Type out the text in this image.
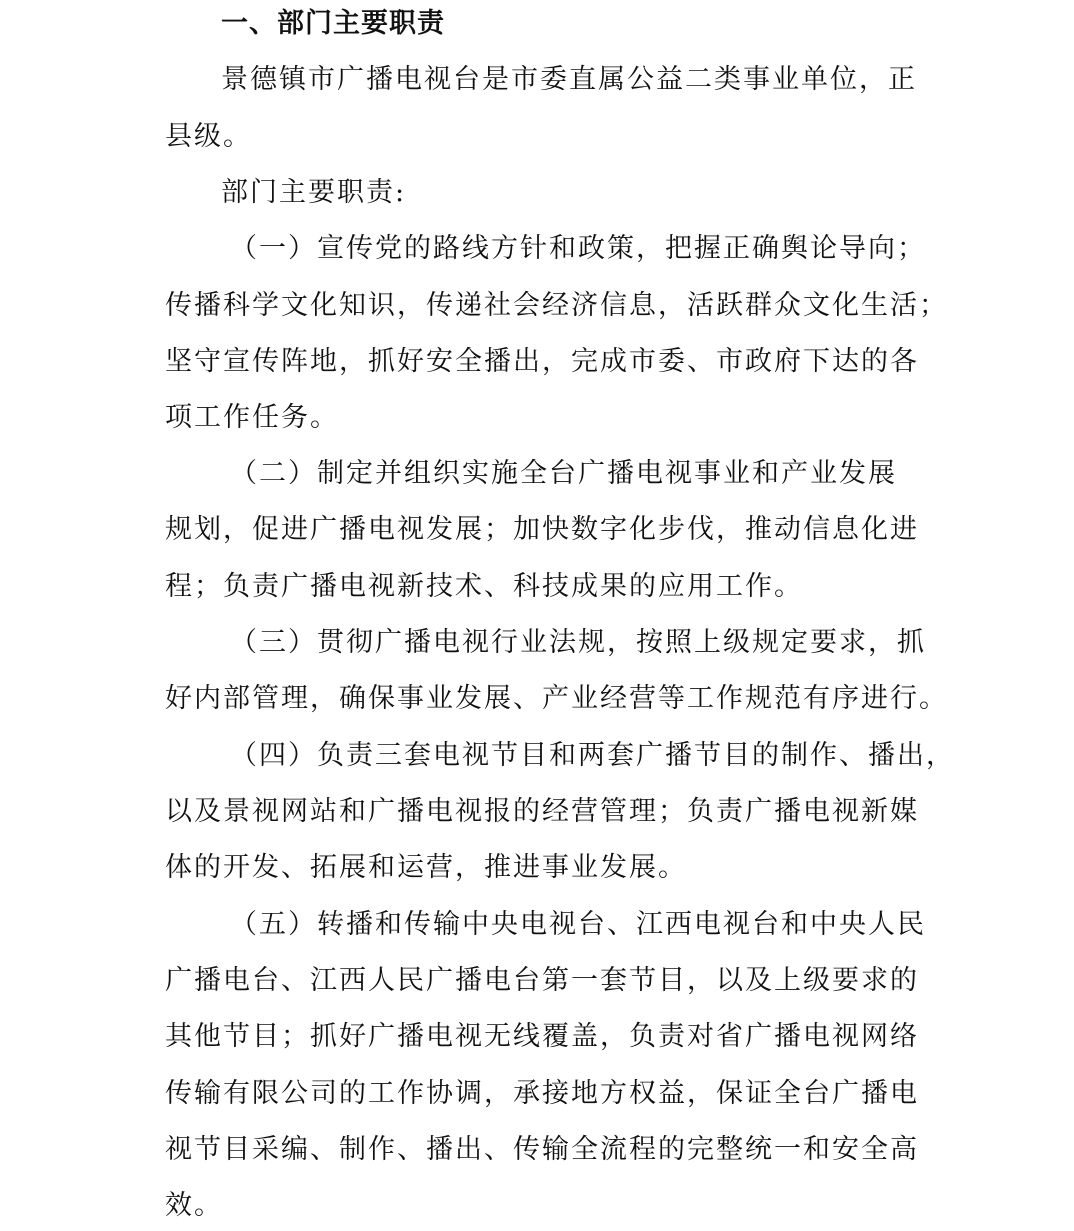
一、部门主要职责

景德镇市广播电视台是市委直属公益二类事业单位，正

县级。

部门主要职责:

（一）宣传党的路线方针和政策，把握正确舆论导向；

传播科学文化知识，传递社会经济信息，活跃群众文化生活；

坚守宣传阵地，抓好安全播出，完成市委、市政府下达的各

项工作任务。

（二）制定并组织实施全台广播电视事业和产业发展

规划，促进广播电视发展；加快数字化步伐，推动信息化进

程；负责广播电视新技术、科技成果的应用工作。

（三）贯彻广播电视行业法规，按照上级规定要求，抓

好内部管理，确保事业发展、产业经营等工作规范有序进行。

（四）负责三套电视节目和两套广播节目的制作、播出，

以及景视网站和广播电视报的经营管理；负责广播电视新媒

体的开发、拓展和运营，推进事业发展。

（五）转播和传输中央电视台、江西电视台和中央人民

广播电台、江西人民广播电台第一套节目，以及上级要求的

其他节目；抓好广播电视无线覆盖，负责对省广播电视网络

传输有限公司的工作协调，承接地方权益，保证全台广播电

视节目采编、制作、播出、传输全流程的完整统一和安全高

效。
